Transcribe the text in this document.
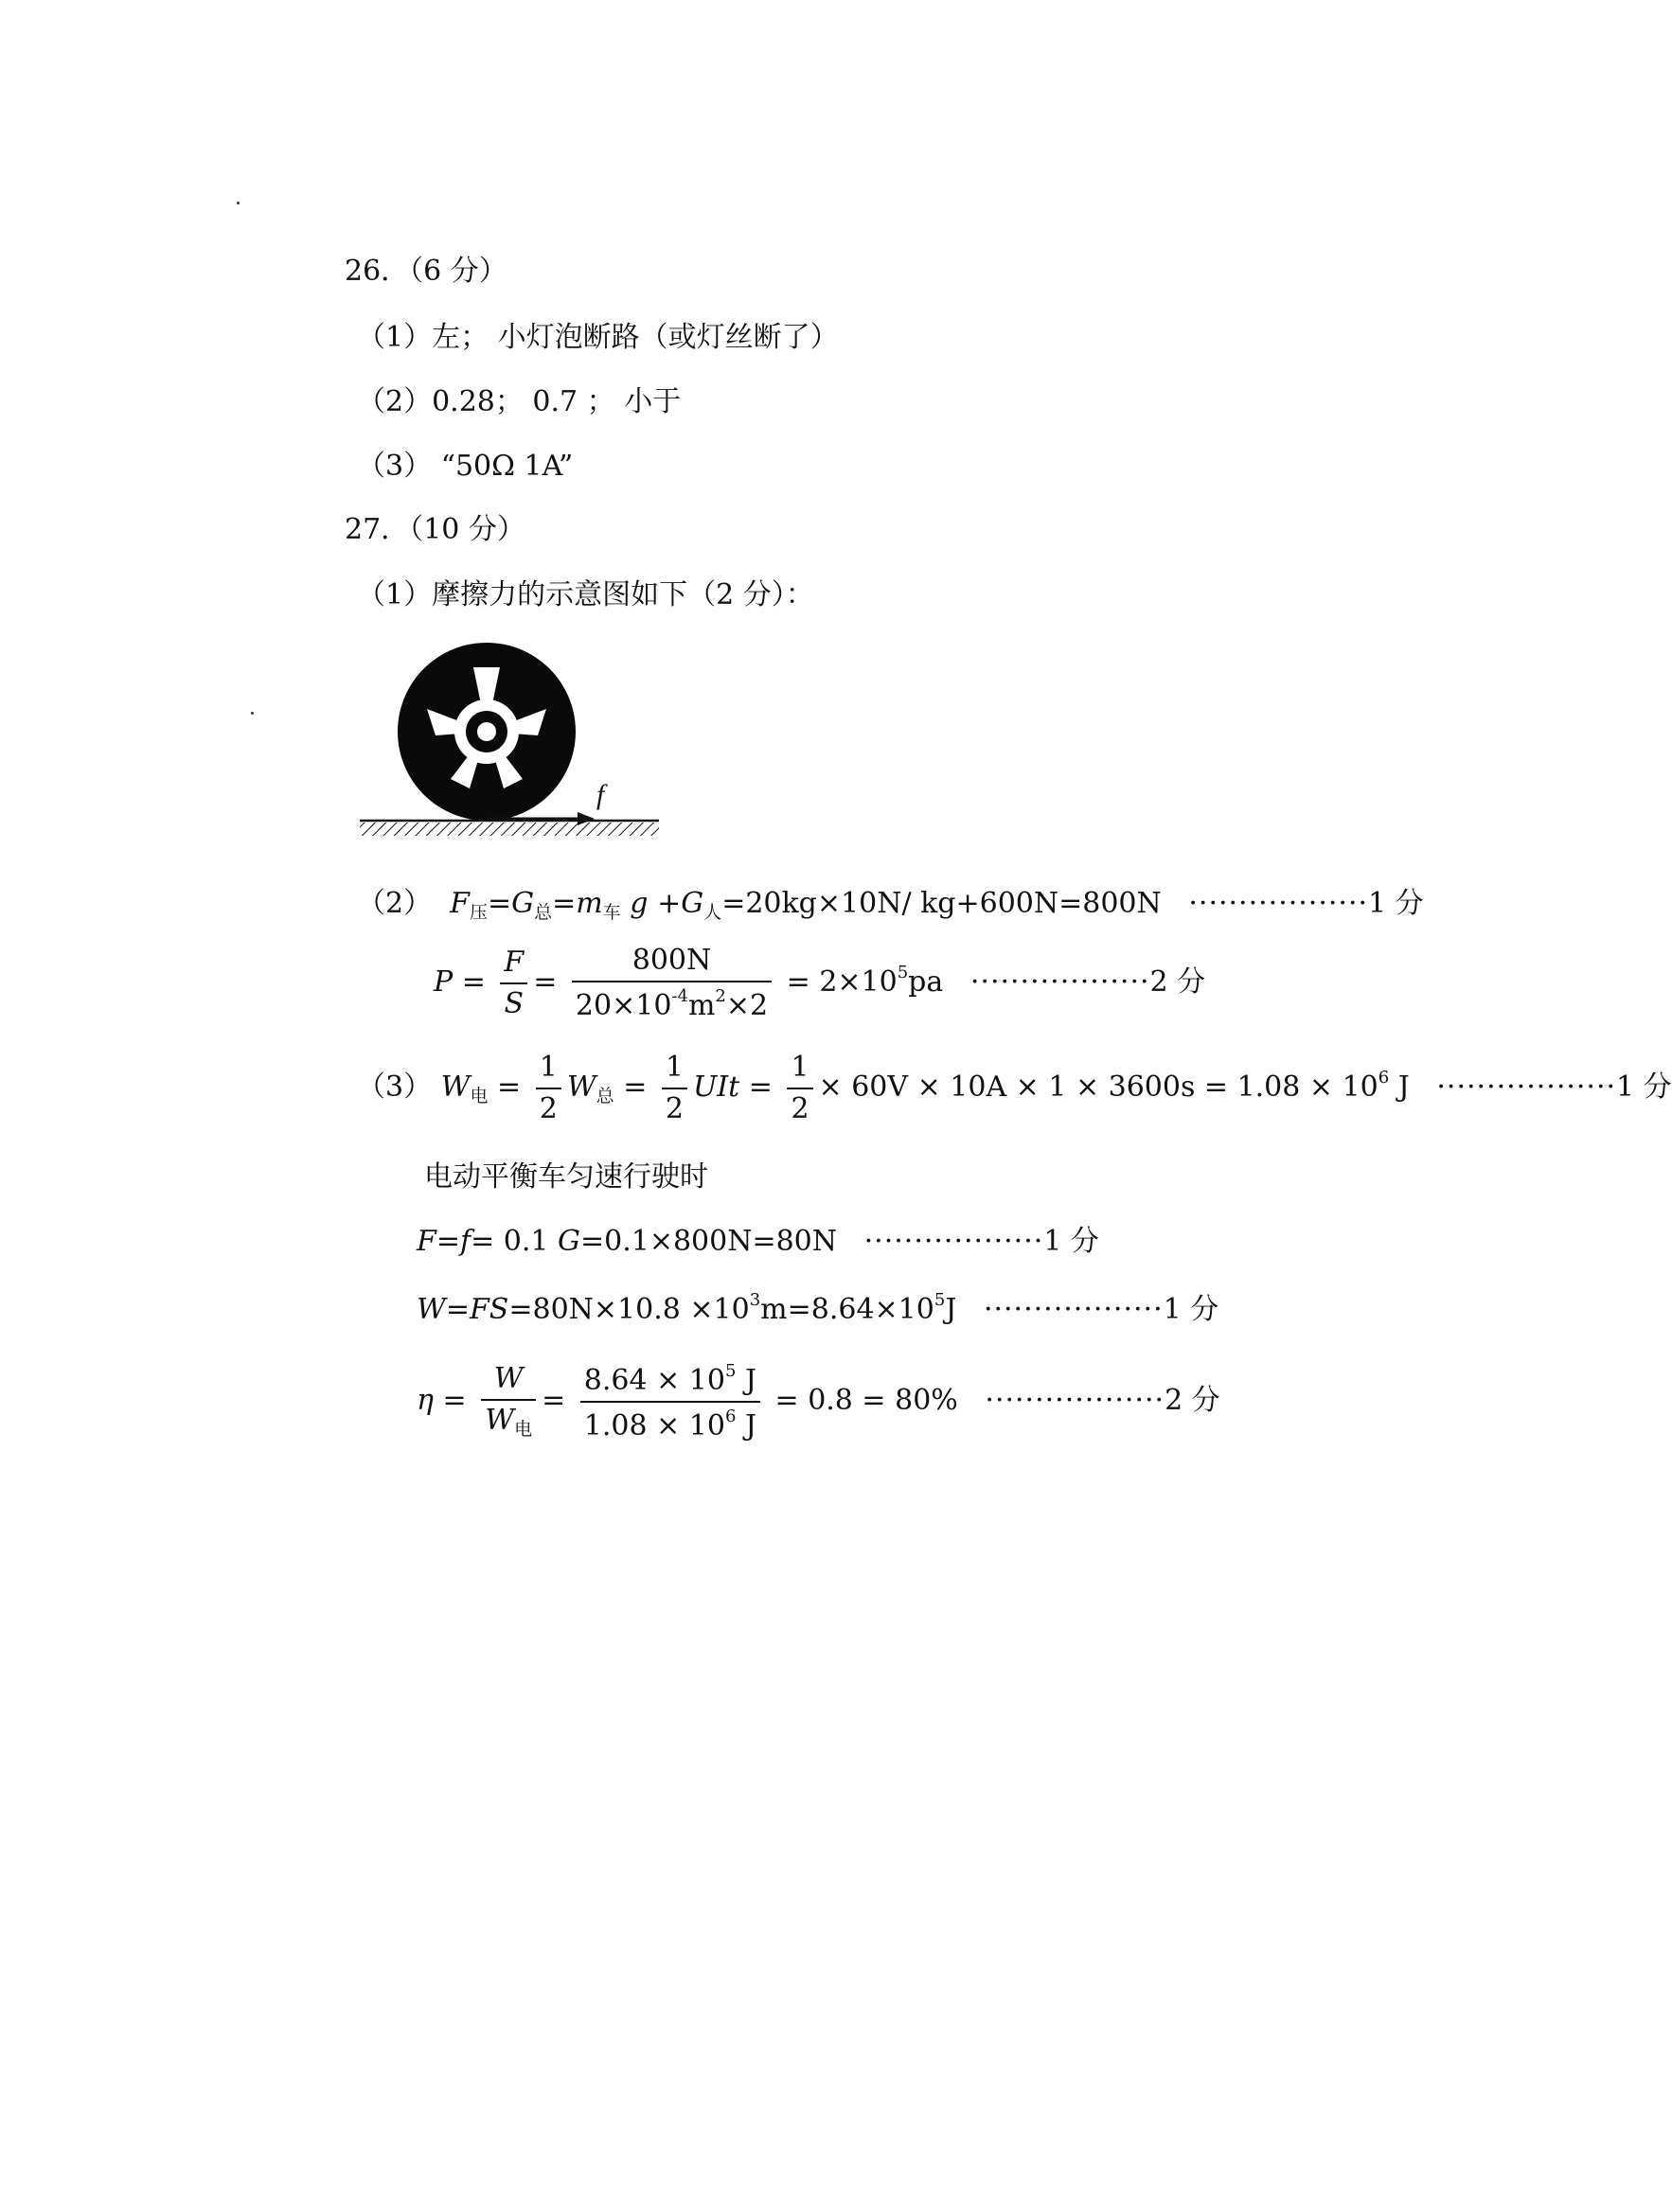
26．（6 分）
（1）左； 小灯泡断路（或灯丝断了）
（2）0.28； 0.7 ； 小于
（3） “50Ω 1A”
27．（10 分）
（1）摩擦力的示意图如下（2 分）：
f
（2） $F_压=G_总=m_车$ $g +G_人=20kg\times 10N/$ kg+600N=800N ··················1 分
$P = \frac{F}{S} = \frac{800N}{20\times 10^{-4}m^2\times 2} = 2\times 10^5pa \cdot\cdot\cdot\cdot\cdot\cdot\cdot\cdot\cdot\cdot\cdot\cdot\cdot\cdot\cdot\cdot\cdot\cdot 2$ 分
（3） $W_电 = \frac{1}{2} W_总 = \frac{1}{2}$ UIt = $\frac{1}{2} \times 60V \times 10A \times 1 \times 3600s = 1.08 \times 10^6$ J ··················1 分
电动平衡车匀速行驶时
F=f= 0.1 G=0.1×800N=80N ··················1 分
$W=FS=80N\times 10.8 \times 10^3m=8.64\times 10^5J \cdot\cdot\cdot\cdot\cdot\cdot\cdot\cdot\cdot\cdot\cdot\cdot\cdot\cdot\cdot\cdot\cdot\cdot 1$ 分
$\eta = \frac{W}{W_电} = \frac{8.64 \times 10^5 J}{1.08 \times 10^6 J} = 0.8 = 80\% \cdot\cdot\cdot\cdot\cdot\cdot\cdot\cdot\cdot\cdot\cdot\cdot\cdot\cdot\cdot\cdot\cdot\cdot 2$ 分
